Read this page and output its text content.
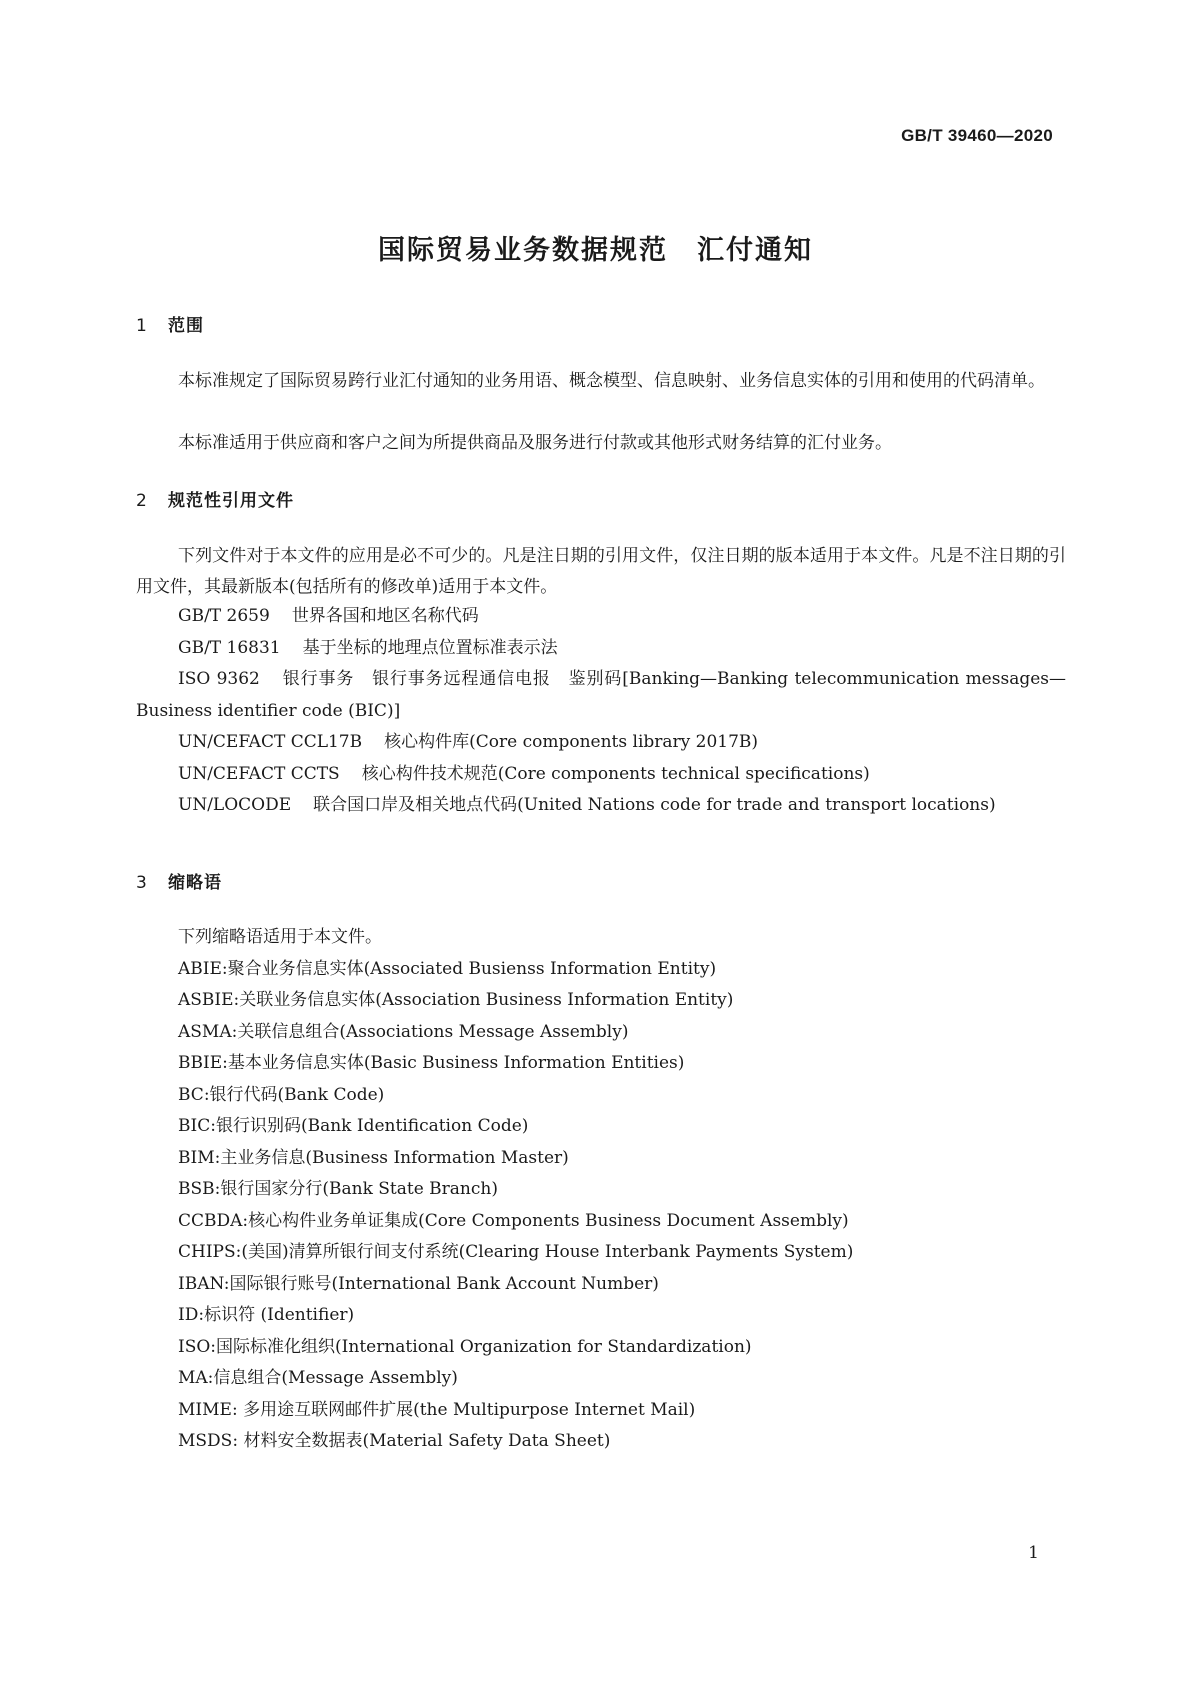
GB/T 39460—2020

国际贸易业务数据规范　汇付通知
1 范围

本标准规定了国际贸易跨行业汇付通知的业务用语、概念模型、信息映射、业务信息实体的引用和使用的代码清单。

本标准适用于供应商和客户之间为所提供商品及服务进行付款或其他形式财务结算的汇付业务。

2 规范性引用文件

下列文件对于本文件的应用是必不可少的。凡是注日期的引用文件，仅注日期的版本适用于本文件。凡是不注日期的引用文件，其最新版本(包括所有的修改单)适用于本文件。

GB/T 2659 世界各国和地区名称代码
GB/T 16831 基于坐标的地理点位置标准表示法
ISO 9362 银行事务　银行事务远程通信电报　鉴别码[Banking—Banking telecommunication messages—Business identifier code (BIC)]
UN/CEFACT CCL17B 核心构件库(Core components library 2017B)
UN/CEFACT CCTS 核心构件技术规范(Core components technical specifications)
UN/LOCODE 联合国口岸及相关地点代码(United Nations code for trade and transport locations)
3 缩略语
下列缩略语适用于本文件。
ABIE:聚合业务信息实体(Associated Busienss Information Entity)
ASBIE:关联业务信息实体(Association Business Information Entity)
ASMA:关联信息组合(Associations Message Assembly)
BBIE:基本业务信息实体(Basic Business Information Entities)
BC:银行代码(Bank Code)
BIC:银行识别码(Bank Identification Code)
BIM:主业务信息(Business Information Master)
BSB:银行国家分行(Bank State Branch)
CCBDA:核心构件业务单证集成(Core Components Business Document Assembly)
CHIPS:(美国)清算所银行间支付系统(Clearing House Interbank Payments System)
IBAN:国际银行账号(International Bank Account Number)
ID:标识符 (Identifier)
ISO:国际标准化组织(International Organization for Standardization)
MA:信息组合(Message Assembly)
MIME: 多用途互联网邮件扩展(the Multipurpose Internet Mail)
MSDS: 材料安全数据表(Material Safety Data Sheet)

1
